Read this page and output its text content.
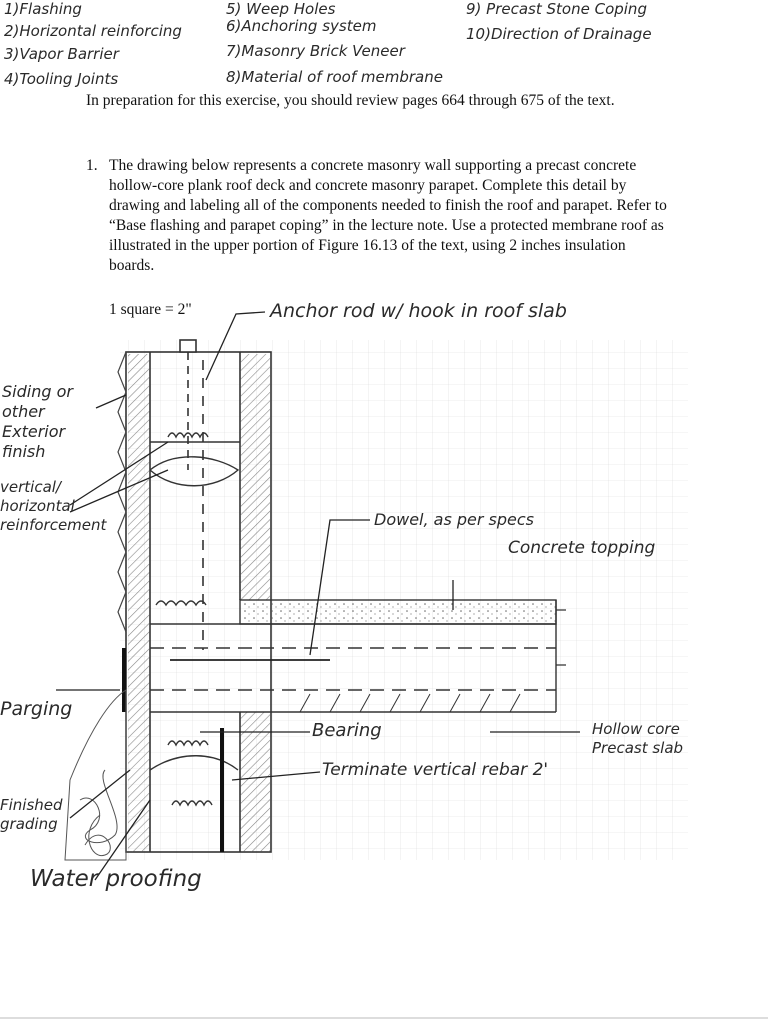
1)Flashing
2)Horizontal reinforcing
3)Vapor Barrier
4)Tooling Joints
5) Weep Holes
6)Anchoring system
7)Masonry Brick Veneer
8)Material of roof membrane
9) Precast Stone Coping
10)Direction of Drainage
In preparation for this exercise, you should review pages 664 through 675 of the text.
1. The drawing below represents a concrete masonry wall supporting a precast concrete hollow-core plank roof deck and concrete masonry parapet. Complete this detail by drawing and labeling all of the components needed to finish the roof and parapet. Refer to “Base flashing and parapet coping” in the lecture note. Use a protected membrane roof as illustrated in the upper portion of Figure 16.13 of the text, using 2 inches insulation boards.
1 square = 2"	Anchor rod w/ hook in roof slab
Siding or other Exterior finish
vertical/ horizontal reinforcement	Dowel, as per specs
Concrete topping
Parging
Bearing	Hollow core Precast slab
Terminate vertical rebar 2'
Finished grading
Water proofing
